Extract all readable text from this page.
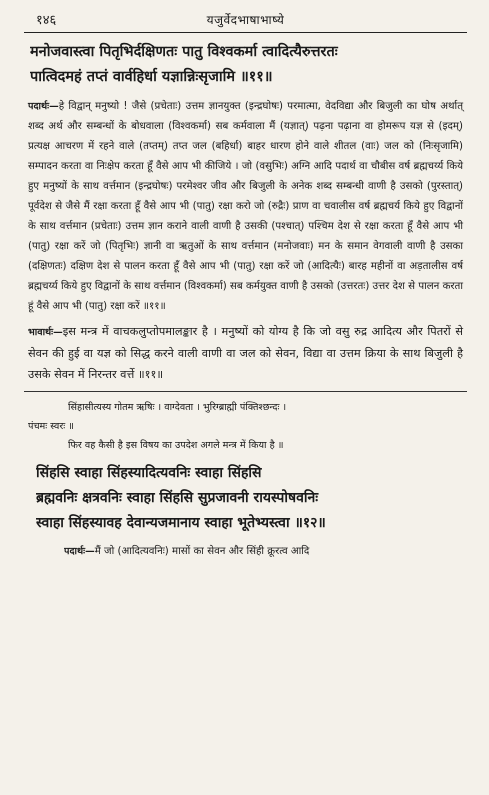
१४६	यजुर्वेदभाषाभाष्ये
मनोजवास्त्वा पितृभिर्दक्षिणतः पातु विश्वकर्मा त्वादित्यैरुत्तरतः
पात्विदमहं तप्तं वार्वहिर्धा यज्ञान्निःसृजामि ॥११॥
पदार्थः—हे विद्वान् मनुष्यो ! जैसे (प्रचेताः) उत्तम ज्ञानयुक्त (इन्द्रघोषः) परमात्मा, वेदविद्या और बिजुली का घोष अर्थात् शब्द अर्थ और सम्बन्धों के बोधवाला (विश्वकर्मा) सब कर्मवाला मैं (यज्ञात्) पढ़ना पढ़ाना वा होमरूप यज्ञ से (इदम्) प्रत्यक्ष आचरण में रहने वाले (तप्तम्) तप्त जल (बहिर्धा) बाहर धारण होने वाले शीतल (वाः) जल को (निःसृजामि) सम्पादन करता वा निःक्षेप करता हूँ वैसे आप भी कीजिये । जो (वसुभिः) अग्नि आदि पदार्थ वा चौबीस वर्ष ब्रह्मचर्य्य किये हुए मनुष्यों के साथ वर्त्तमान (इन्द्रघोषः) परमेश्वर जीव और बिजुली के अनेक शब्द सम्बन्धी वाणी है उसको (पुरस्तात्) पूर्वदेश से जैसे मैं रक्षा करता हूँ वैसे आप भी (पातु) रक्षा करो जो (रुद्रैः) प्राण वा चवालीस वर्ष ब्रह्मचर्य किये हुए विद्वानों के साथ वर्त्तमान (प्रचेताः) उत्तम ज्ञान कराने वाली वाणी है उसकी (पश्चात्) पश्चिम देश से रक्षा करता हूँ वैसे आप भी (पातु) रक्षा करें जो (पितृभिः) ज्ञानी वा ऋतुओं के साथ वर्त्तमान (मनोजवाः) मन के समान वेगवाली वाणी है उसका (दक्षिणतः) दक्षिण देश से पालन करता हूँ वैसे आप भी (पातु) रक्षा करें जो (आदित्यैः) बारह महीनों वा अड़तालीस वर्ष ब्रह्मचर्य्य किये हुए विद्वानों के साथ वर्त्तमान (विश्वकर्मा) सब कर्मयुक्त वाणी है उसको (उत्तरतः) उत्तर देश से पालन करता हूं वैसे आप भी (पातु) रक्षा करें ॥११॥
भावार्थः—इस मन्त्र में वाचकलुप्तोपमालङ्कार है । मनुष्यों को योग्य है कि जो वसु रुद्र आदित्य और पितरों से सेवन की हुई वा यज्ञ को सिद्ध करने वाली वाणी वा जल को सेवन, विद्या वा उत्तम क्रिया के साथ बिजुली है उसके सेवन में निरन्तर वर्त्ते ॥११॥
सिंहासीत्यस्य गोतम ऋषिः । वाग्देवता । भुरिग्ब्राह्मी पंक्तिश्छन्दः ।
पंचमः स्वरः ॥
फिर वह कैसी है इस विषय का उपदेश अगले मन्त्र में किया है ॥
सिंहसि स्वाहा सिंहस्यादित्यवनिः स्वाहा सिंहसि
ब्रह्मवनिः क्षत्रवनिः स्वाहा सिंहसि सुप्रजावनी रायस्पोषवनिः
स्वाहा सिंहस्यावह देवान्यजमानाय स्वाहा भूतेभ्यस्त्वा ॥१२॥
पदार्थः—मैं जो (आदित्यवनिः) मासों का सेवन और सिंही क्रूरत्व आदि
